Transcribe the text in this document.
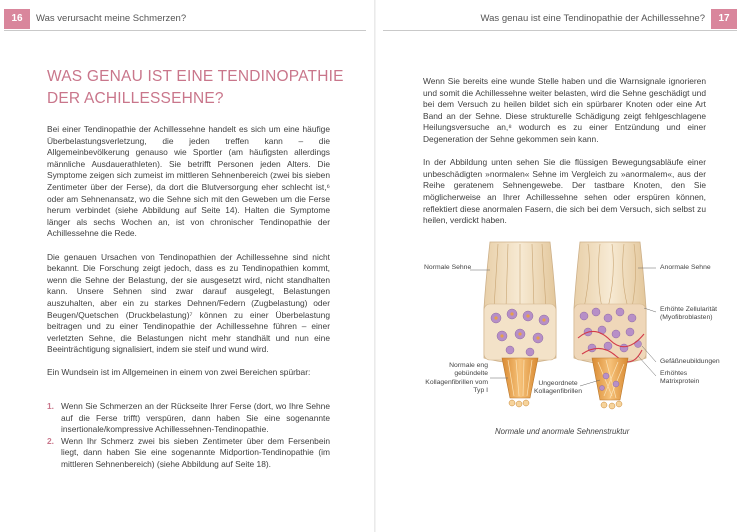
16	Was verursacht meine Schmerzen?
WAS GENAU IST EINE TENDINOPATHIE
DER ACHILLESSEHNE?

Bei einer Tendinopathie der Achillessehne handelt es sich um eine häufige Überbelastungsverletzung, die jeden treffen kann – die Allgemeinbevölkerung genauso wie Sportler (am häufigsten allerdings männliche Ausdauerathleten). Sie betrifft Personen jeden Alters. Die Symptome zeigen sich zumeist im mittleren Sehnenbereich (zwei bis sieben Zentimeter über der Ferse), da dort die Blutversorgung eher schlecht ist,⁶ oder am Sehnenansatz, wo die Sehne sich mit den Geweben um die Ferse herum verbindet (siehe Abbildung auf Seite 14). Halten die Symptome länger als sechs Wochen an, ist von chronischer Tendinopathie der Achillessehne die Rede.

Die genauen Ursachen von Tendinopathien der Achillessehne sind nicht bekannt. Die Forschung zeigt jedoch, dass es zu Tendinopathien kommt, wenn die Sehne der Belastung, der sie ausgesetzt wird, nicht standhalten kann. Unsere Sehnen sind zwar darauf ausgelegt, Belastungen auszuhalten, aber ein zu starkes Dehnen/Federn (Zugbelastung) oder Beugen/Quetschen (Druckbelastung)⁷ können zu einer Überbelastung beitragen und zu einer Tendinopathie der Achillessehne führen – einer verletzten Sehne, die Belastungen nicht mehr standhält und nun eine Beeinträchtigung signalisiert, indem sie steif und wund wird.

Ein Wundsein ist im Allgemeinen in einem von zwei Bereichen spürbar:

1. Wenn Sie Schmerzen an der Rückseite Ihrer Ferse (dort, wo Ihre Sehne auf die Ferse trifft) verspüren, dann haben Sie eine sogenannte insertionale/kompressive Achillessehnen-Tendinopathie.
2. Wenn Ihr Schmerz zwei bis sieben Zentimeter über dem Fersenbein liegt, dann haben Sie eine sogenannte Midportion-Tendinopathie (im mittleren Sehnenbereich) (siehe Abbildung auf Seite 18).
17
Was genau ist eine Tendinopathie der Achillessehne?

Wenn Sie bereits eine wunde Stelle haben und die Warnsignale ignorieren und somit die Achillessehne weiter belasten, wird die Sehne geschädigt und bei dem Versuch zu heilen bildet sich ein spürbarer Knoten oder eine Art Band an der Sehne. Diese strukturelle Schädigung zeigt fehlgeschlagene Heilungsversuche an,⁸ wodurch es zu einer Entzündung und einer Degeneration der Sehne gekommen sein kann.

In der Abbildung unten sehen Sie die flüssigen Bewegungsabläufe einer unbeschädigten »normalen« Sehne im Vergleich zu »anormalem«, aus der Reihe geratenem Sehnengewebe. Der tastbare Knoten, den Sie möglicherweise an Ihrer Achillessehne sehen oder erspüren können, reflektiert diese anormalen Fasern, die sich bei dem Versuch, sich selbst zu heilen, verdickt haben.

Normale Sehne	Anormale Sehne
Erhöhte Zellularität (Myofibroblasten)
Gefäßneubildungen
Erhöhtes Matrixprotein
Normale eng gebündelte Kollagenfibrillen vom Typ I
Ungeordnete Kollagenfibrillen
Normale und anormale Sehnenstruktur
